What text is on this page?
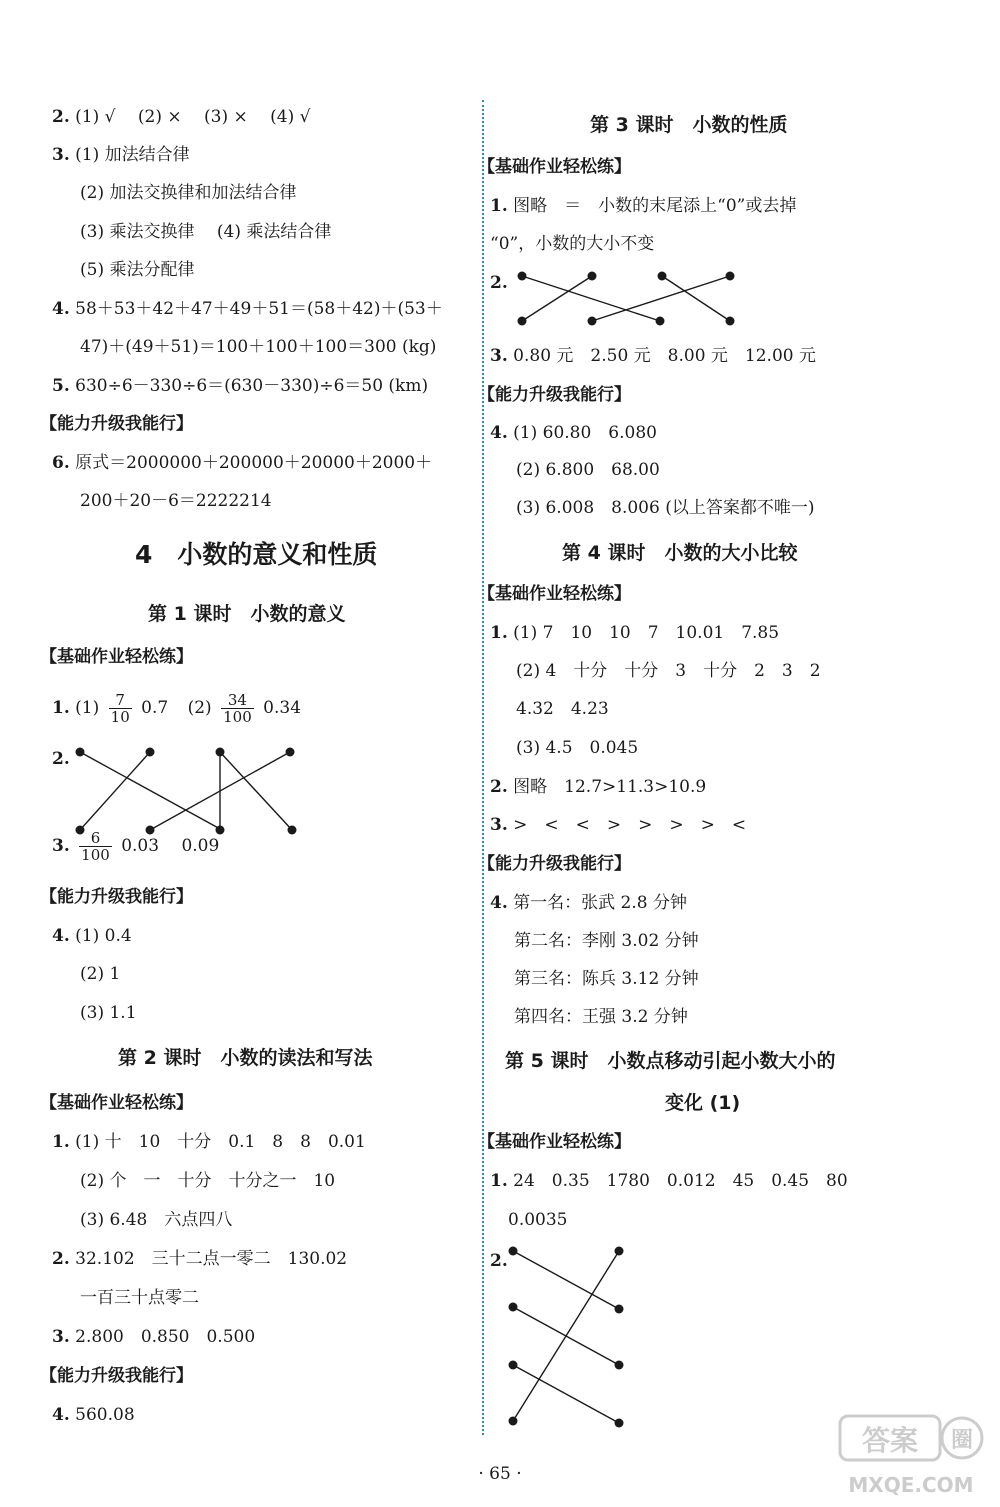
2. (1) √　 (2) ×　 (3) ×　 (4) √
3. (1) 加法结合律
(2) 加法交换律和加法结合律
(3) 乘法交换律　 (4) 乘法结合律
(5) 乘法分配律
4. 58＋53＋42＋47＋49＋51＝(58＋42)＋(53＋
47)＋(49＋51)＝100＋100＋100＝300 (kg)
5. 630÷6－330÷6＝(630－330)÷6＝50 (km)
【能力升级我能行】
6. 原式＝2000000＋200000＋20000＋2000＋
200＋20－6＝2222214
4　小数的意义和性质
第 1 课时　小数的意义
【基础作业轻松练】
1. $(1) \frac{7}{10} 0.7$ $(2) \frac{34}{100} 0.34$
2.
3. $\frac{6}{100} 0.03$　 0.09
【能力升级我能行】
4. (1) 0.4
(2) 1
(3) 1.1
第 2 课时　小数的读法和写法
【基础作业轻松练】
1. (1) 十　10　十分　0.1　8　8　0.01
(2) 个　一　十分　十分之一　10
(3) 6.48　六点四八
2. 32.102　三十二点一零二　130.02
一百三十点零二
3. 2.800　0.850　0.500
【能力升级我能行】
4. 560.08
第 3 课时　小数的性质
【基础作业轻松练】
1. 图略　＝　小数的末尾添上“0”或去掉
“0”，小数的大小不变
2.
3. 0.80 元　2.50 元　8.00 元　12.00 元
【能力升级我能行】
4. (1) 60.80　6.080
(2) 6.800　68.00
(3) 6.008　8.006 (以上答案都不唯一)
第 4 课时　小数的大小比较
【基础作业轻松练】
1. (1) 7　10　10　7　10.01　7.85
(2) 4　十分　十分　3　十分　2　3　2
4.32　4.23
(3) 4.5　0.045
2. 图略　12.7>11.3>10.9
3. >　<　<　>　>　>　>　<
【能力升级我能行】
4. 第一名：张武 2.8 分钟
第二名：李刚 3.02 分钟
第三名：陈兵 3.12 分钟
第四名：王强 3.2 分钟
第 5 课时　小数点移动引起小数大小的
变化 (1)
【基础作业轻松练】
1. 24　0.35　1780　0.012　45　0.45　80
0.0035
2.
· 65 ·
答案 圈
MXQE.COM
